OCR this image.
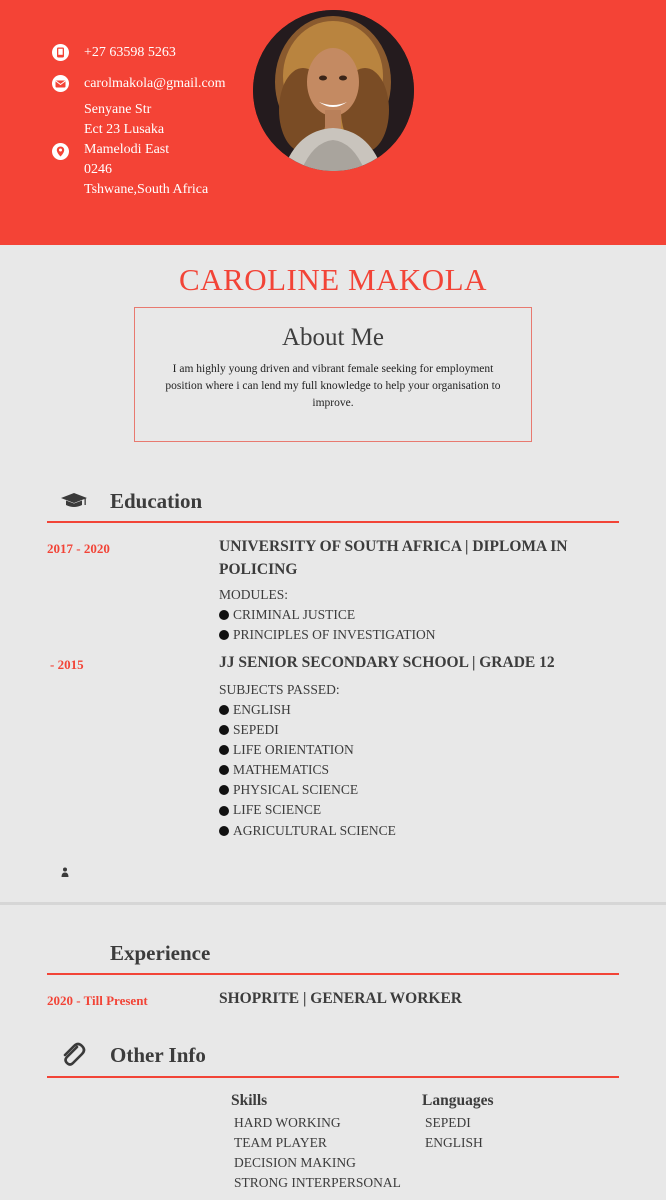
+27 63598 5263
carolmakola@gmail.com
Senyane Str
Ect 23 Lusaka
Mamelodi East
0246
Tshwane,South Africa
CAROLINE MAKOLA
About Me
I am highly young driven and vibrant female seeking for employment position where i can lend my full knowledge to help your organisation to improve.
Education
2017 - 2020	UNIVERSITY OF SOUTH AFRICA | DIPLOMA IN POLICING
MODULES:
CRIMINAL JUSTICE
PRINCIPLES OF INVESTIGATION
- 2015	JJ SENIOR SECONDARY SCHOOL | GRADE 12
SUBJECTS PASSED:
ENGLISH
SEPEDI
LIFE ORIENTATION
MATHEMATICS
PHYSICAL SCIENCE
LIFE SCIENCE
AGRICULTURAL SCIENCE
Experience
2020 - Till Present	SHOPRITE | GENERAL WORKER
Other Info
Skills
HARD WORKING
TEAM PLAYER
DECISION MAKING
STRONG INTERPERSONAL
Languages
SEPEDI
ENGLISH
